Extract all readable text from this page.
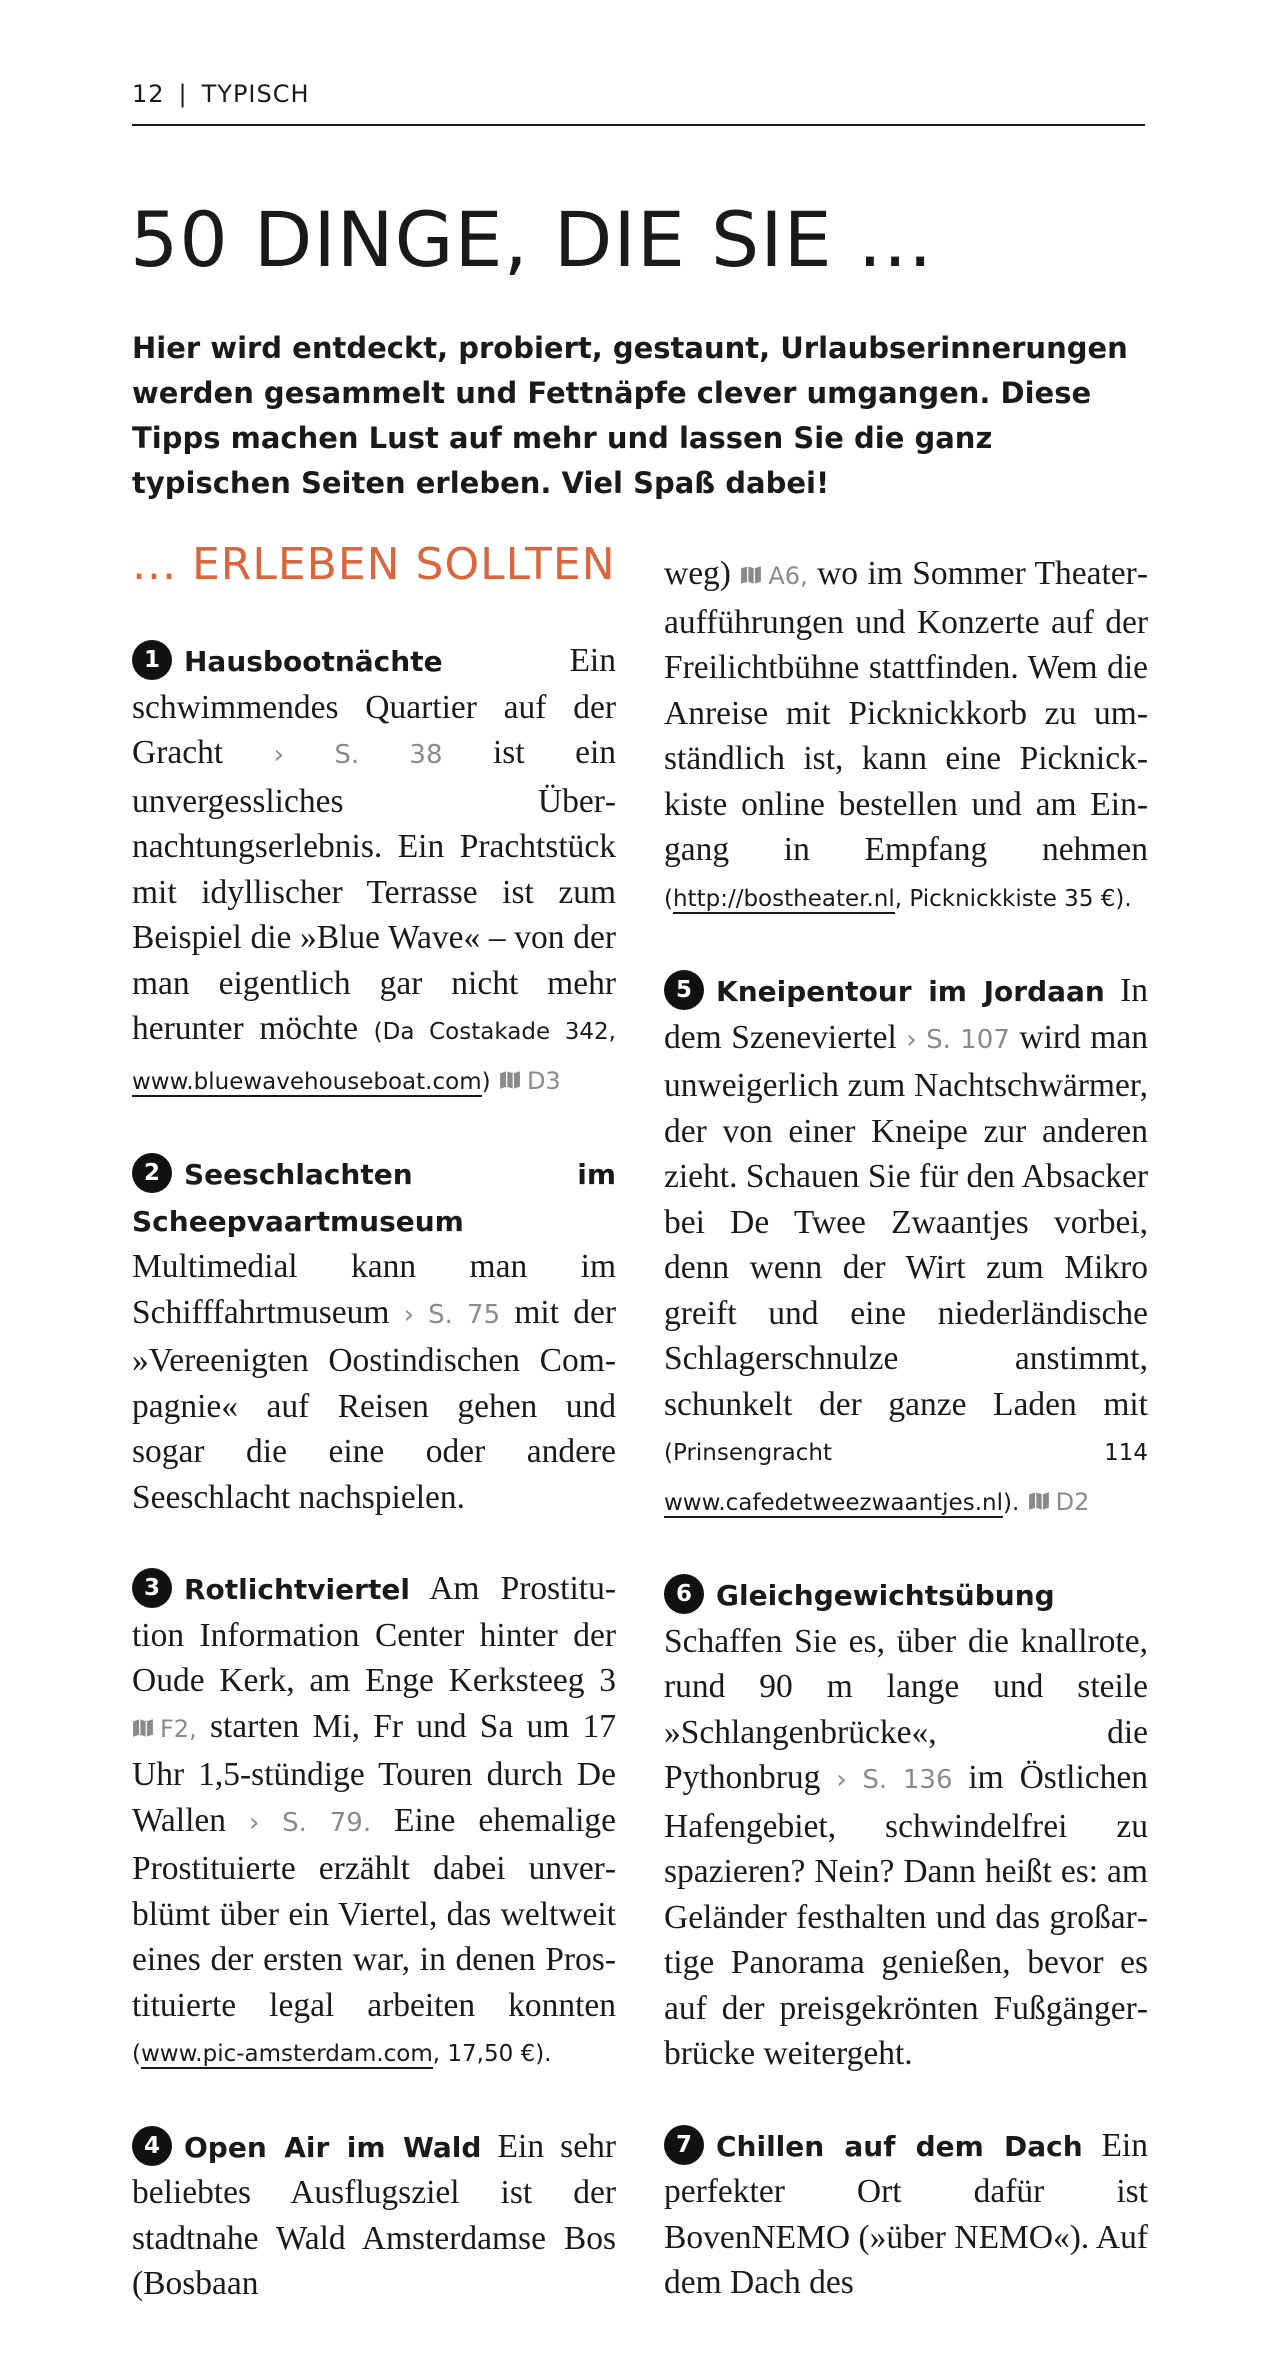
12 | TYPISCH
50 DINGE, DIE SIE ...

Hier wird entdeckt, probiert, gestaunt, Urlaubserinnerungen werden gesammelt und Fettnäpfe clever umgangen. Diese Tipps machen Lust auf mehr und lassen Sie die ganz typischen Seiten erleben. Viel Spaß dabei!

... ERLEBEN SOLLTEN

1 Hausbootnächte Ein schwimmendes Quartier auf der Gracht › S. 38 ist ein unvergessliches Übernachtungserlebnis. Ein Prachtstück mit idyllischer Terrasse ist zum Beispiel die »Blue Wave« – von der man eigentlich gar nicht mehr herunter möchte (Da Costakade 342, www.bluewavehouseboat.com) D3

2 Seeschlachten im Scheepvaartmuseum Multimedial kann man im Schifffahrtmuseum › S. 75 mit der »Vereenigten Oostindischen Compagnie« auf Reisen gehen und sogar die eine oder andere Seeschlacht nachspielen.

3 Rotlichtviertel Am Prostitution Information Center hinter der Oude Kerk, am Enge Kerksteeg 3 F2, starten Mi, Fr und Sa um 17 Uhr 1,5-stündige Touren durch De Wallen › S. 79. Eine ehemalige Prostituierte erzählt dabei unverblümt über ein Viertel, das weltweit eines der ersten war, in denen Prostituierte legal arbeiten konnten (www.pic-amsterdam.com, 17,50 €).

4 Open Air im Wald Ein sehr beliebtes Ausflugsziel ist der stadtnahe Wald Amsterdamse Bos (Bosbaan

weg) A6, wo im Sommer Theateraufführungen und Konzerte auf der Freilichtbühne stattfinden. Wem die Anreise mit Picknickkorb zu umständlich ist, kann eine Picknickkiste online bestellen und am Eingang in Empfang nehmen (http://bostheater.nl, Picknickkiste 35 €).

5 Kneipentour im Jordaan In dem Szeneviertel › S. 107 wird man unweigerlich zum Nachtschwärmer, der von einer Kneipe zur anderen zieht. Schauen Sie für den Absacker bei De Twee Zwaantjes vorbei, denn wenn der Wirt zum Mikro greift und eine niederländische Schlagerschnulze anstimmt, schunkelt der ganze Laden mit (Prinsengracht 114 www.cafedetweezwaantjes.nl). D2

6 Gleichgewichtsübung Schaffen Sie es, über die knallrote, rund 90 m lange und steile »Schlangenbrücke«, die Pythonbrug › S. 136 im Östlichen Hafengebiet, schwindelfrei zu spazieren? Nein? Dann heißt es: am Geländer festhalten und das großartige Panorama genießen, bevor es auf der preisgekrönten Fußgängerbrücke weitergeht.

7 Chillen auf dem Dach Ein perfekter Ort dafür ist BovenNEMO (»über NEMO«). Auf dem Dach des
